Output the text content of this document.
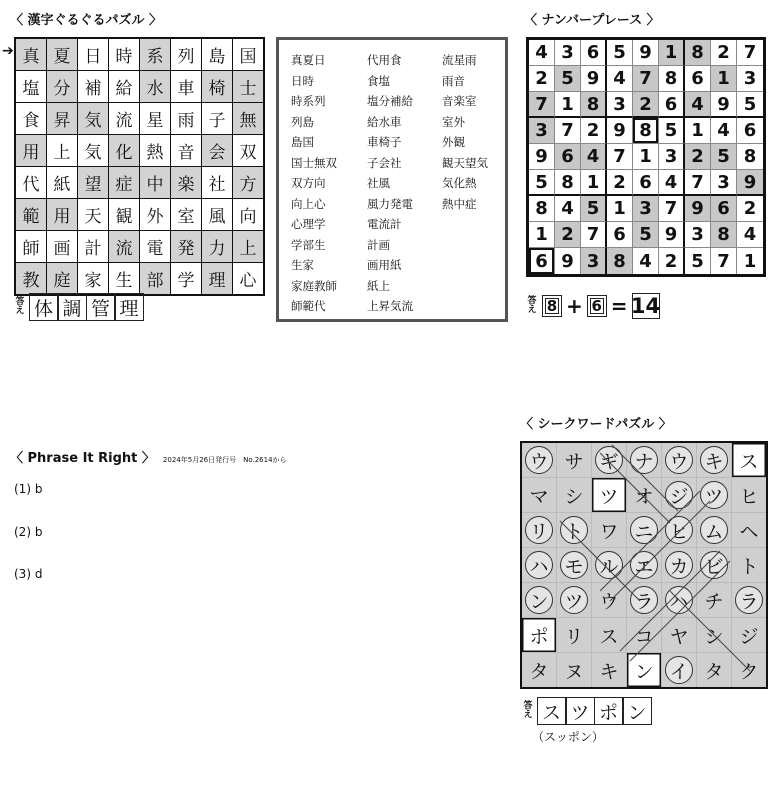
〈 漢字ぐるぐるパズル 〉
➔ 真 夏 日 時 系 列 島 国
塩 分 補 給 水 車 椅 士
食 昇 気 流 星 雨 子 無
用 上 気 化 熱 音 会 双
代 紙 望 症 中 楽 社 方
範 用 天 観 外 室 風 向
師 画 計 流 電 発 力 上
教 庭 家 生 部 学 理 心
答え 体 調 管 理
真夏日
日時
時系列
列島
島国
国士無双
双方向
向上心
心理学
学部生
生家
家庭教師
師範代
代用食
食塩
塩分補給
給水車
車椅子
子会社
社風
風力発電
電流計
計画
画用紙
紙上
上昇気流
流星雨
雨音
音楽室
室外
外観
観天望気
気化熱
熱中症
〈 ナンバープレース 〉
4 3 6 5 9 1 8 2 7
2 5 9 4 7 8 6 1 3
7 1 8 3 2 6 4 9 5
3 7 2 9 8 5 1 4 6
9 6 4 7 1 3 2 5 8
5 8 1 2 6 4 7 3 9
8 4 5 1 3 7 9 6 2
1 2 7 6 5 9 3 8 4
6 9 3 8 4 2 5 7 1
答え 8 + 6 = 14
〈 Phrase It Right 〉 2024年5月26日発行号　No.2614から
(1) b
(2) b
(3) d
〈 シークワードパズル 〉
ウ サ ギ ナ ウ キ ス
マ シ ツ オ ジ ツ ヒ
リ ト ワ ニ ヒ ム ヘ
ハ モ ル エ カ ビ ト
ン ツ ウ ラ ハ チ ラ
ポ リ ス コ ヤ シ ジ
タ ヌ キ ン イ タ ク
答え ス ツ ポ ン
（スッポン）
